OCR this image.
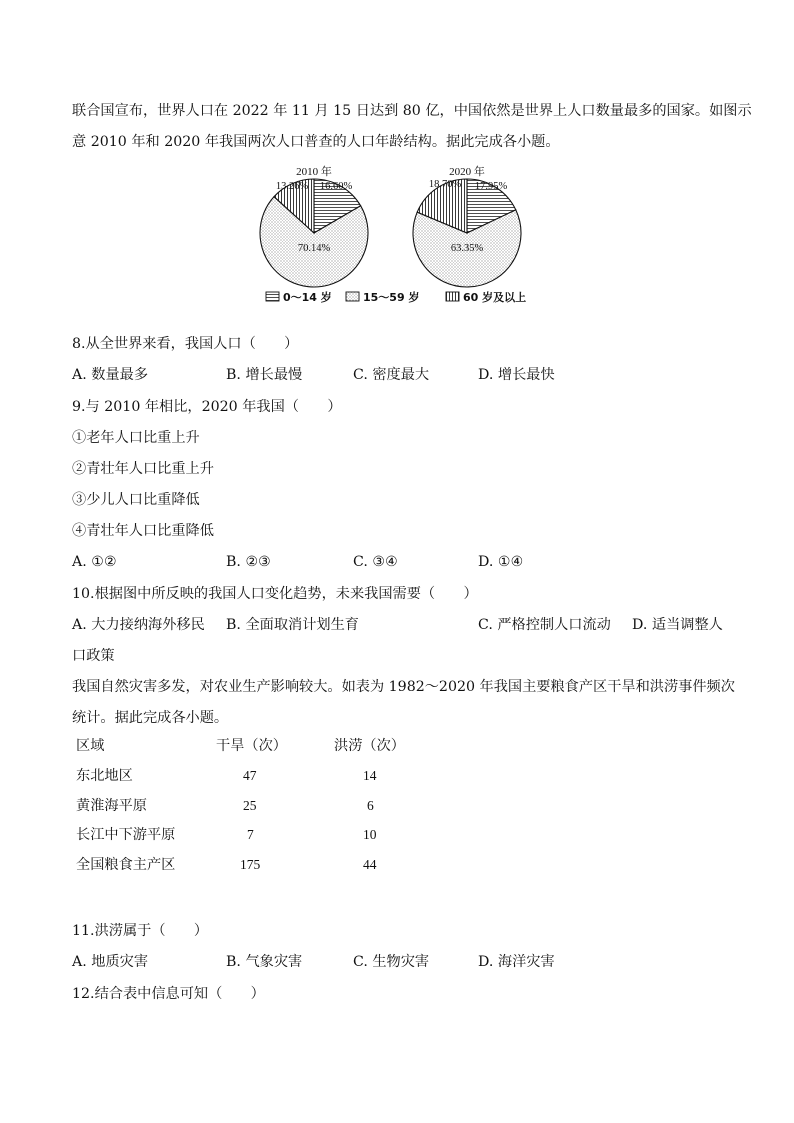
联合国宣布，世界人口在 2022 年 11 月 15 日达到 80 亿，中国依然是世界上人口数量最多的国家。如图示
意 2010 年和 2020 年我国两次人口普查的人口年龄结构。据此完成各小题。
16.60%
70.14%
13.26%
2010 年
17.95%
63.35%
18.70%
2020 年
0～14 岁	15～59 岁	60 岁及以上
8.从全世界来看，我国人口（　　）
A. 数量最多	B. 增长最慢	C. 密度最大	D. 增长最快
9.与 2010 年相比，2020 年我国（　　）
①老年人口比重上升
②青壮年人口比重上升
③少儿人口比重降低
④青壮年人口比重降低
A. ①②	B. ②③	C. ③④	D. ①④
10.根据图中所反映的我国人口变化趋势，未来我国需要（　　）
A. 大力接纳海外移民 B. 全面取消计划生育	C. 严格控制人口流动 D. 适当调整人
口政策
我国自然灾害多发，对农业生产影响较大。如表为 1982～2020 年我国主要粮食产区干旱和洪涝事件频次
统计。据此完成各小题。
区域	干旱（次）	洪涝（次）
东北地区	47	14
黄淮海平原	25	6
长江中下游平原	7	10
全国粮食主产区	175	44
11.洪涝属于（　　）
A. 地质灾害	B. 气象灾害	C. 生物灾害	D. 海洋灾害
12.结合表中信息可知（　　）
